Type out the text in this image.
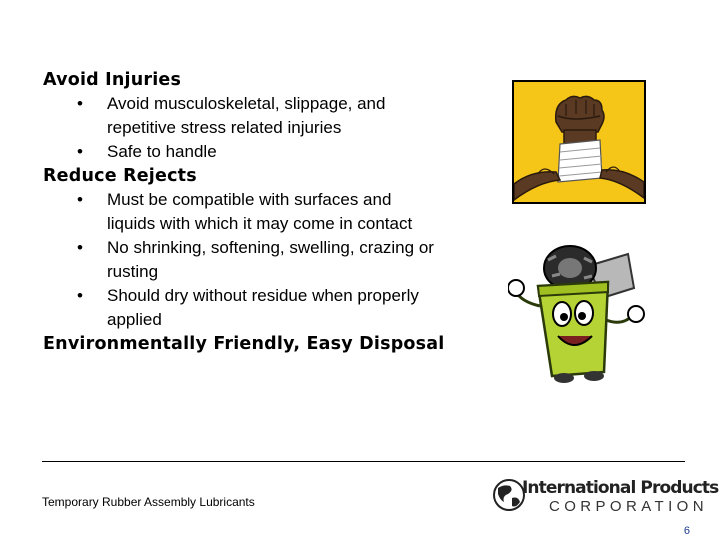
Avoid Injuries
• Avoid musculoskeletal, slippage, and
repetitive stress related injuries
• Safe to handle
Reduce Rejects
• Must be compatible with surfaces and
liquids with which it may come in contact
• No shrinking, softening, swelling, crazing or
rusting
• Should dry without residue when properly
applied
Environmentally Friendly, Easy Disposal
Temporary Rubber Assembly Lubricants
International Products
CORPORATION
6
